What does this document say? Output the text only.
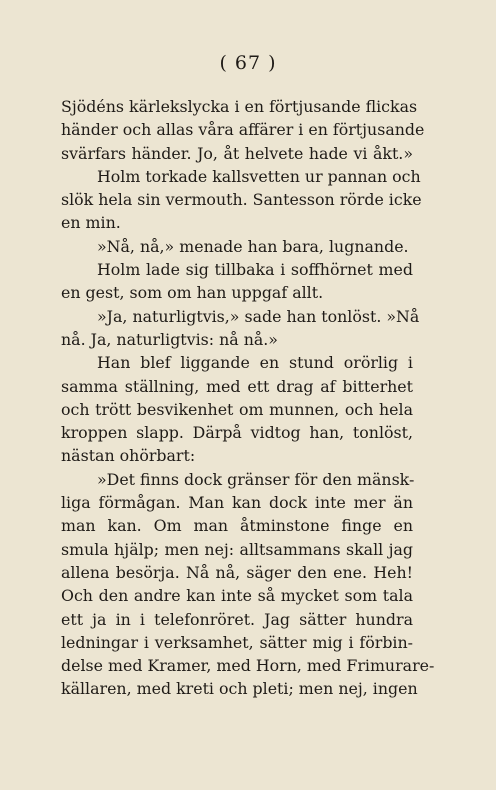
( 67 )
Sjödéns kärlekslycka i en förtjusande flickas
händer och allas våra affärer i en förtjusande
svärfars händer. Jo, åt helvete hade vi åkt.»
Holm torkade kallsvetten ur pannan och
slök hela sin vermouth. Santesson rörde icke
en min.
»Nå, nå,» menade han bara, lugnande.
Holm lade sig tillbaka i soffhörnet med
en gest, som om han uppgaf allt.
»Ja, naturligtvis,» sade han tonlöst. »Nå
nå. Ja, naturligtvis: nå nå.»
Han blef liggande en stund orörlig i
samma ställning, med ett drag af bitterhet
och trött besvikenhet om munnen, och hela
kroppen slapp. Därpå vidtog han, tonlöst,
nästan ohörbart:
»Det finns dock gränser för den mänsk-
liga förmågan. Man kan dock inte mer än
man kan. Om man åtminstone finge en
smula hjälp; men nej: alltsammans skall jag
allena besörja. Nå nå, säger den ene. Heh!
Och den andre kan inte så mycket som tala
ett ja in i telefonröret. Jag sätter hundra
ledningar i verksamhet, sätter mig i förbin-
delse med Kramer, med Horn, med Frimurare-
källaren, med kreti och pleti; men nej, ingen
